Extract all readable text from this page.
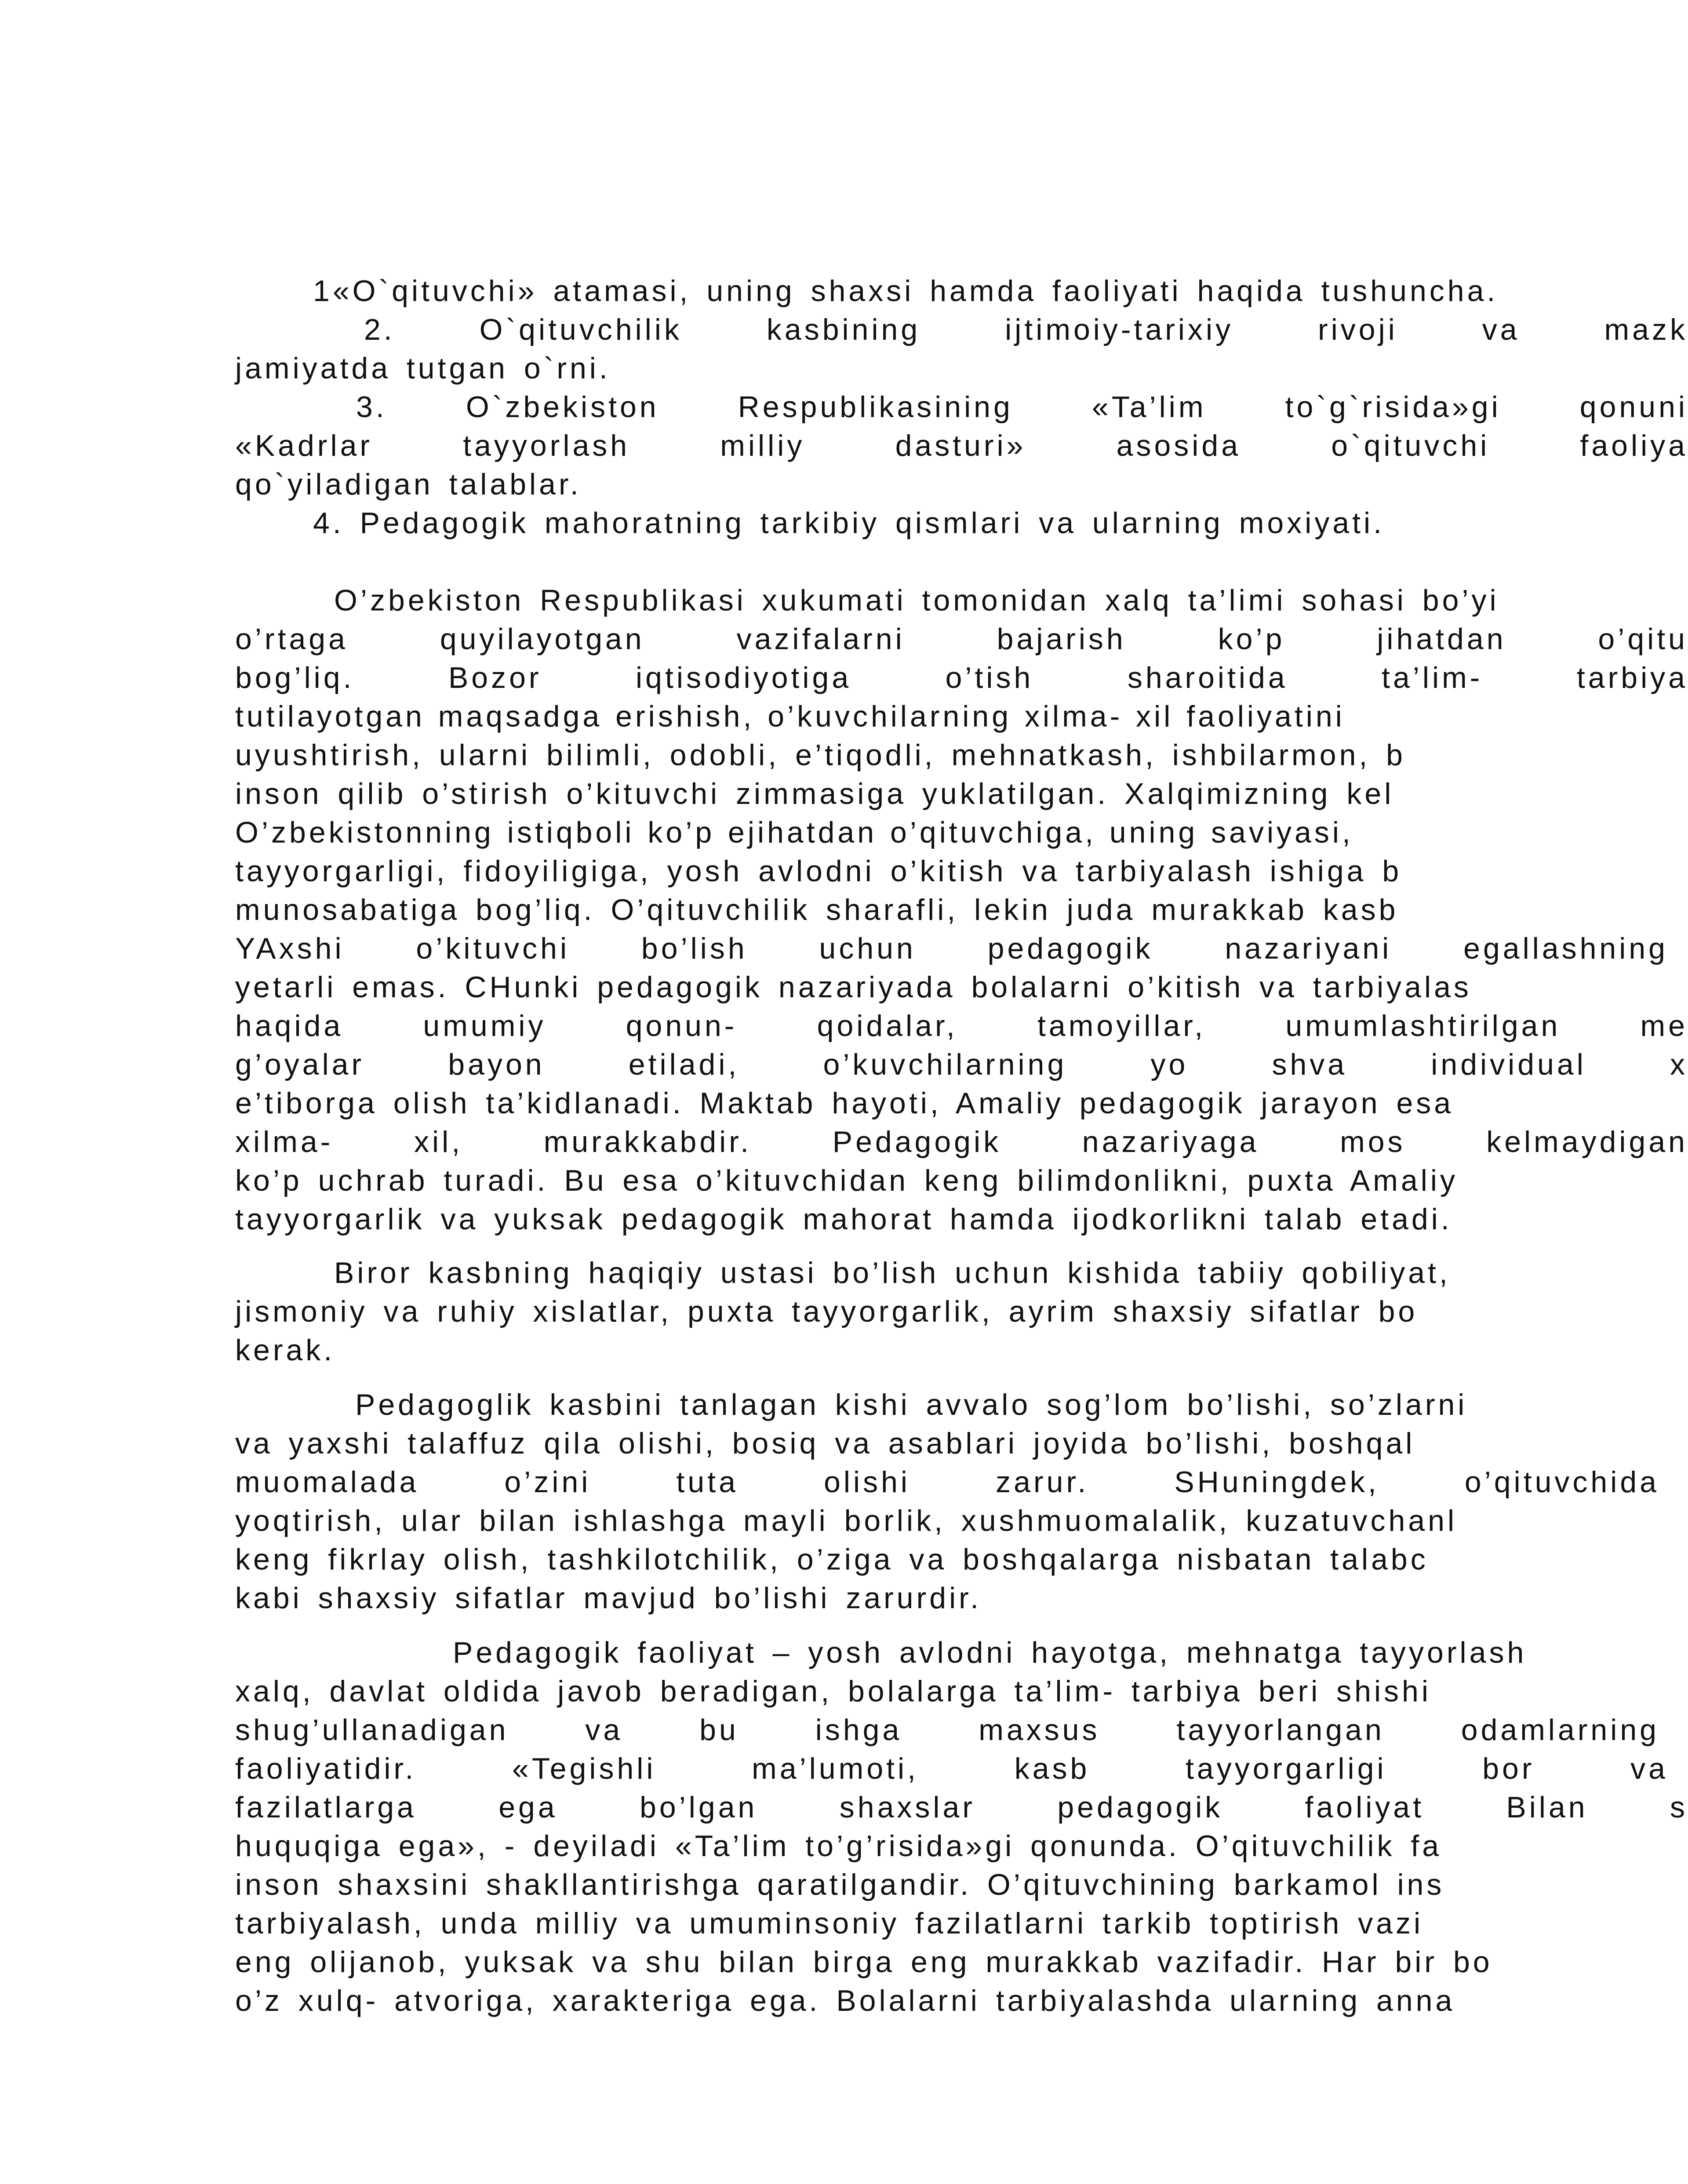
1«O`qituvchi» atamasi, uning shaxsi hamda faoliyati haqida tushuncha.
2. O`qituvchilik kasbining ijtimoiy-tarixiy rivoji va mazk
jamiyatda tutgan o`rni.
3. O`zbekiston Respublikasining «Ta’lim to`g`risida»gi qonuni
«Kadrlar tayyorlash milliy dasturi» asosida o`qituvchi faoliya
qo`yiladigan talablar.
4. Pedagogik mahoratning tarkibiy qismlari va ularning moxiyati.
O’zbekiston Respublikasi xukumati tomonidan xalq ta’limi sohasi bo’yi
o’rtaga quyilayotgan vazifalarni bajarish ko’p jihatdan o’qitu
bog’liq. Bozor iqtisodiyotiga o’tish sharoitida ta’lim- tarbiya
tutilayotgan maqsadga erishish, o’kuvchilarning xilma- xil faoliyatini
uyushtirish, ularni bilimli, odobli, e’tiqodli, mehnatkash, ishbilarmon, b
inson qilib o’stirish o’kituvchi zimmasiga yuklatilgan. Xalqimizning kel
O’zbekistonning istiqboli ko’p ejihatdan o’qituvchiga, uning saviyasi,
tayyorgarligi, fidoyiligiga, yosh avlodni o’kitish va tarbiyalash ishiga b
munosabatiga bog’liq. O’qituvchilik sharafli, lekin juda murakkab kasb
YAxshi o’kituvchi bo’lish uchun pedagogik nazariyani egallashning
yetarli emas. CHunki pedagogik nazariyada bolalarni o’kitish va tarbiyalas
haqida umumiy qonun- qoidalar, tamoyillar, umumlashtirilgan me
g’oyalar bayon etiladi, o’kuvchilarning yo shva individual x
e’tiborga olish ta’kidlanadi. Maktab hayoti, Amaliy pedagogik jarayon esa
xilma- xil, murakkabdir. Pedagogik nazariyaga mos kelmaydigan
ko’p uchrab turadi. Bu esa o’kituvchidan keng bilimdonlikni, puxta Amaliy
tayyorgarlik va yuksak pedagogik mahorat hamda ijodkorlikni talab etadi.
Biror kasbning haqiqiy ustasi bo’lish uchun kishida tabiiy qobiliyat,
jismoniy va ruhiy xislatlar, puxta tayyorgarlik, ayrim shaxsiy sifatlar bo
kerak.
Pedagoglik kasbini tanlagan kishi avvalo sog’lom bo’lishi, so’zlarni
va yaxshi talaffuz qila olishi, bosiq va asablari joyida bo’lishi, boshqal
muomalada o’zini tuta olishi zarur. SHuningdek, o’qituvchida
yoqtirish, ular bilan ishlashga mayli borlik, xushmuomalalik, kuzatuvchanl
keng fikrlay olish, tashkilotchilik, o’ziga va boshqalarga nisbatan talabc
kabi shaxsiy sifatlar mavjud bo’lishi zarurdir.
Pedagogik faoliyat – yosh avlodni hayotga, mehnatga tayyorlash
xalq, davlat oldida javob beradigan, bolalarga ta’lim- tarbiya beri shishi
shug’ullanadigan va bu ishga maxsus tayyorlangan odamlarning
faoliyatidir. «Tegishli ma’lumoti, kasb tayyorgarligi bor va
fazilatlarga ega bo’lgan shaxslar pedagogik faoliyat Bilan s
huquqiga ega», - deyiladi «Ta’lim to’g’risida»gi qonunda. O’qituvchilik fa
inson shaxsini shakllantirishga qaratilgandir. O’qituvchining barkamol ins
tarbiyalash, unda milliy va umuminsoniy fazilatlarni tarkib toptirish vazi
eng olijanob, yuksak va shu bilan birga eng murakkab vazifadir. Har bir bo
o’z xulq- atvoriga, xarakteriga ega. Bolalarni tarbiyalashda ularning anna
